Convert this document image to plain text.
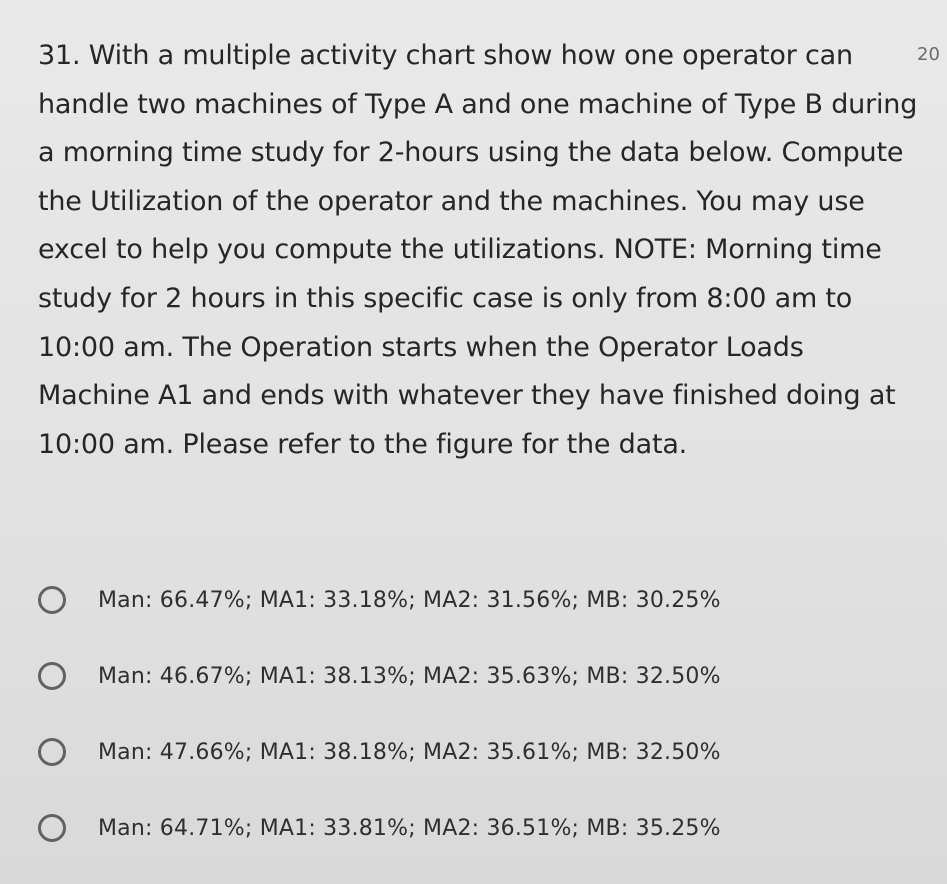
20

31. With a multiple activity chart show how one operator can handle two machines of Type A and one machine of Type B during a morning time study for 2-hours using the data below. Compute the Utilization of the operator and the machines. You may use excel to help you compute the utilizations. NOTE: Morning time study for 2 hours in this specific case is only from 8:00 am to 10:00 am. The Operation starts when the Operator Loads Machine A1 and ends with whatever they have finished doing at 10:00 am. Please refer to the figure for the data.

Man: 66.47%; MA1: 33.18%; MA2: 31.56%; MB: 30.25%
Man: 46.67%; MA1: 38.13%; MA2: 35.63%; MB: 32.50%
Man: 47.66%; MA1: 38.18%; MA2: 35.61%; MB: 32.50%
Man: 64.71%; MA1: 33.81%; MA2: 36.51%; MB: 35.25%
